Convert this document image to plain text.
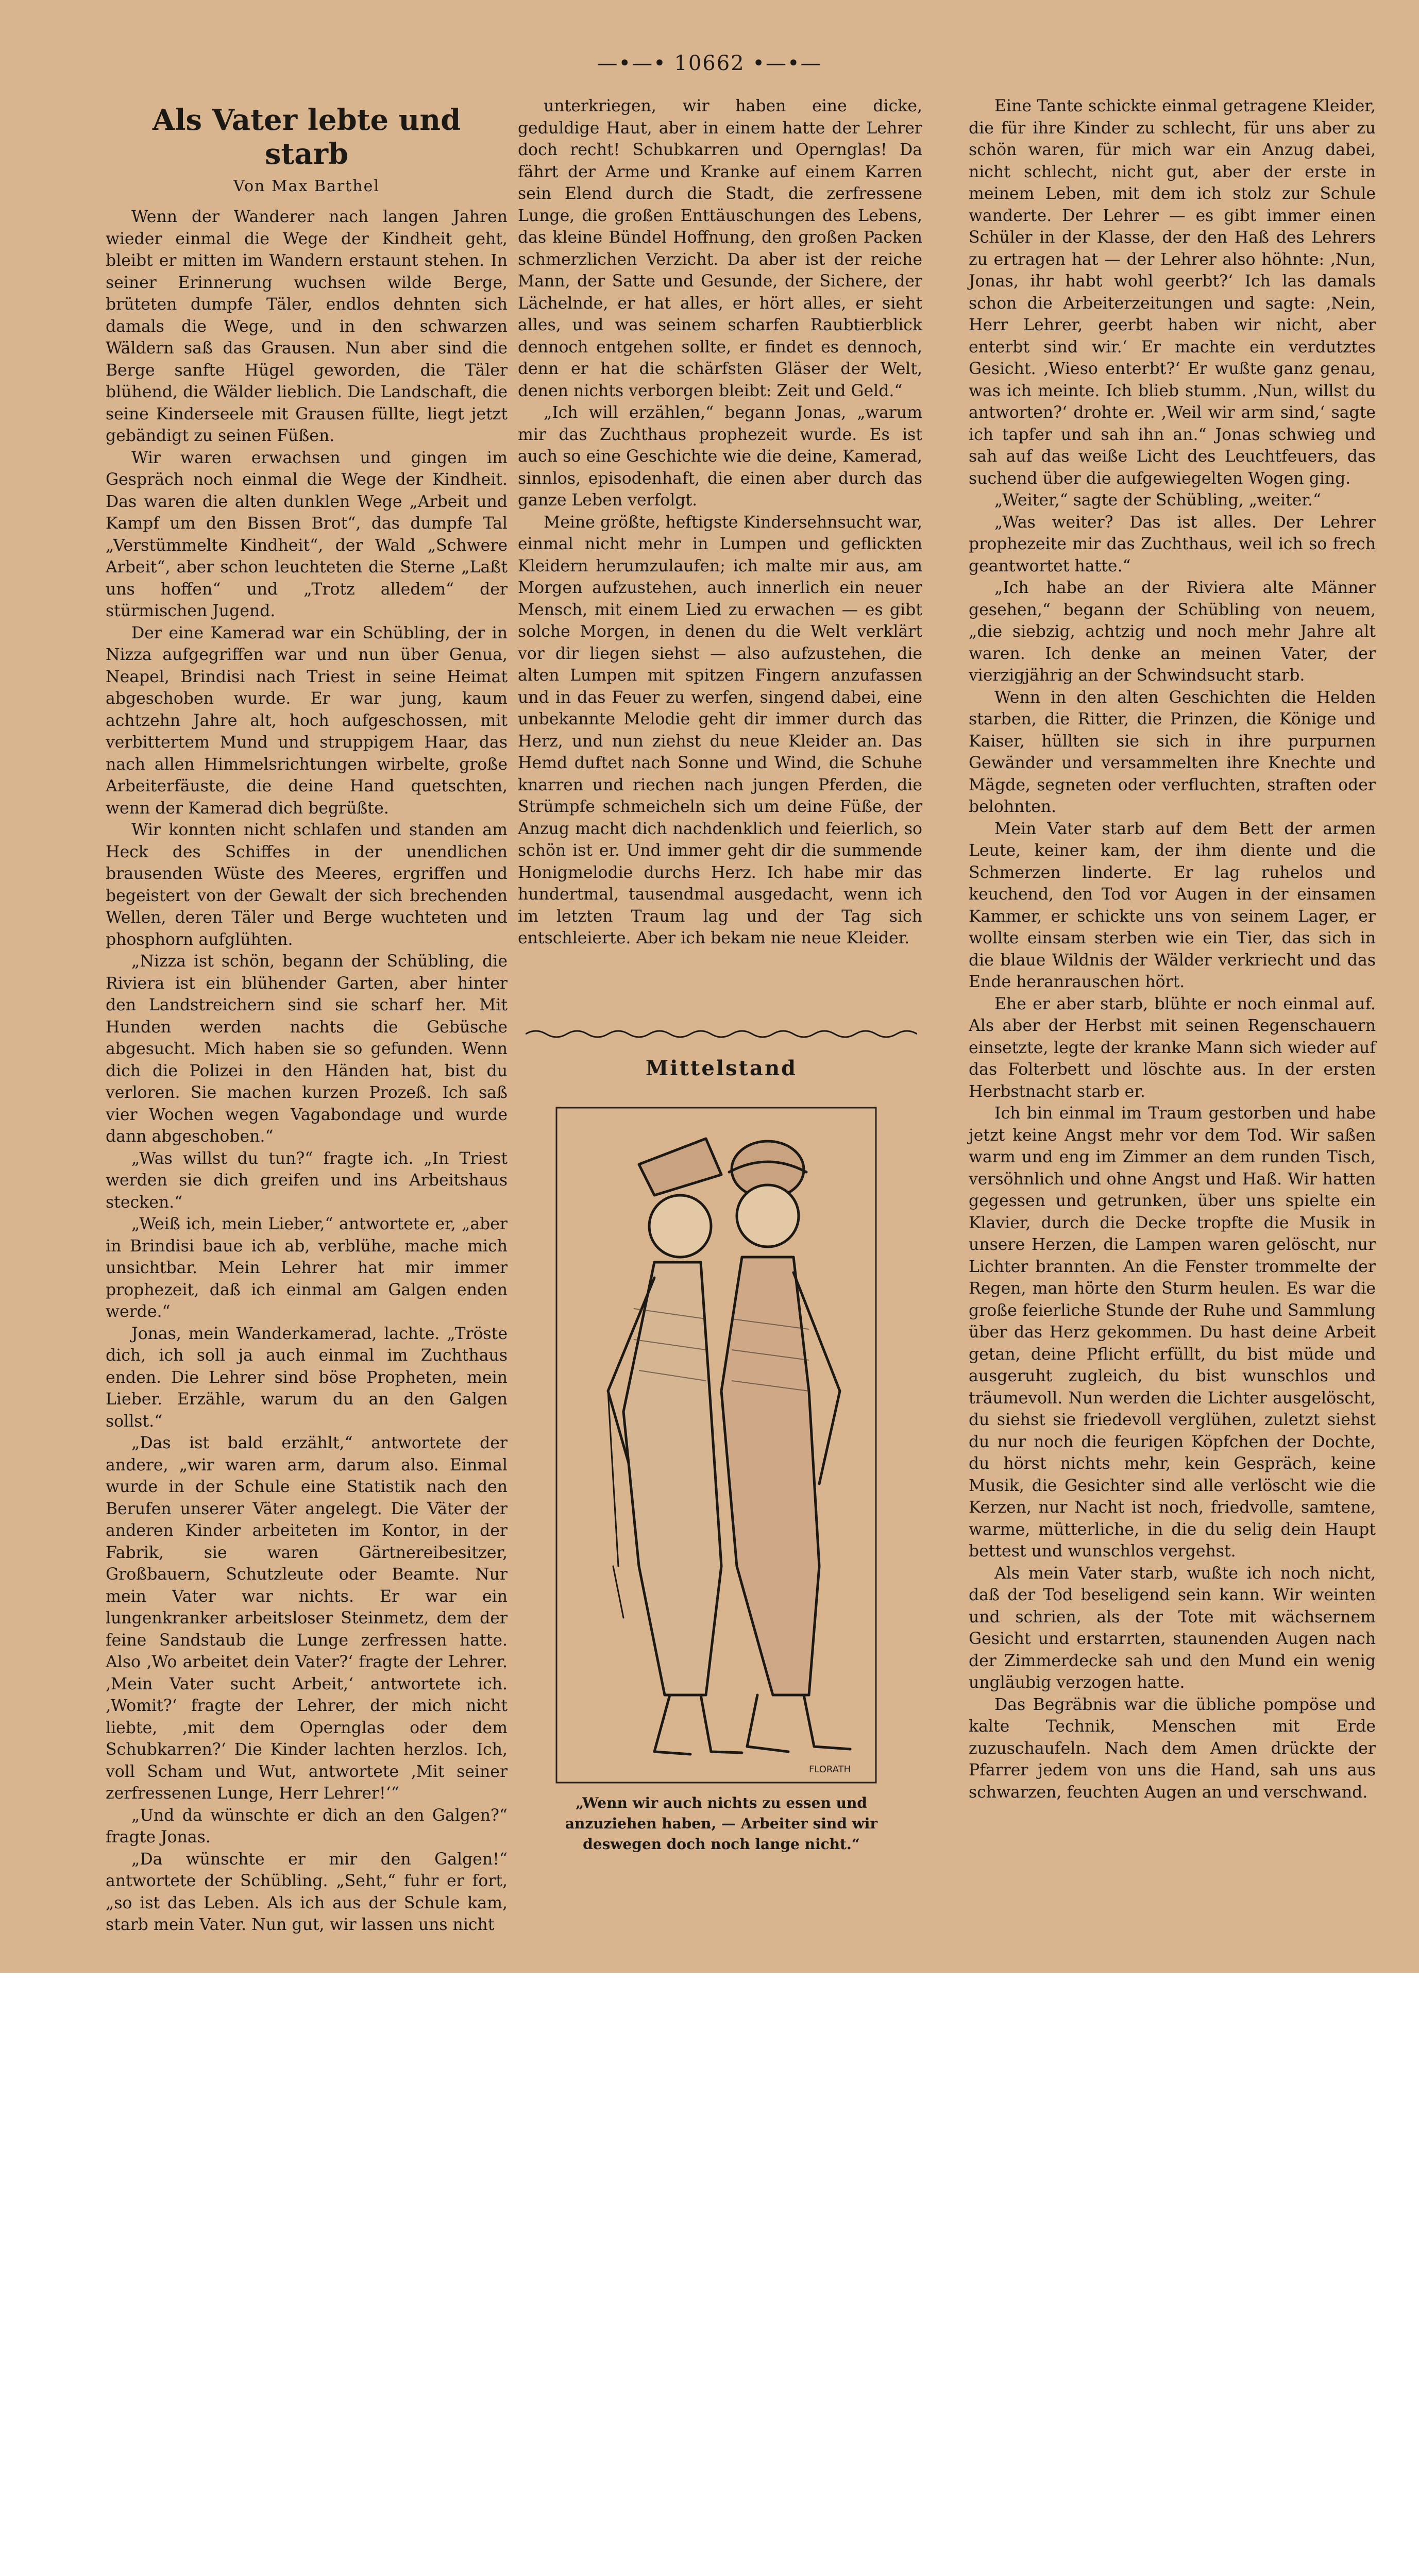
—•—• 10662 •—•—
Als Vater lebte und starb
Von Max Barthel

Wenn der Wanderer nach langen Jahren wieder einmal die Wege der Kindheit geht, bleibt er mitten im Wandern erstaunt stehen. In seiner Erinnerung wuchsen wilde Berge, brüteten dumpfe Täler, endlos dehnten sich damals die Wege, und in den schwarzen Wäldern saß das Grausen. Nun aber sind die Berge sanfte Hügel geworden, die Täler blühend, die Wälder lieblich. Die Landschaft, die seine Kinderseele mit Grausen füllte, liegt jetzt gebändigt zu seinen Füßen.

Wir waren erwachsen und gingen im Gespräch noch einmal die Wege der Kindheit. Das waren die alten dunklen Wege „Arbeit und Kampf um den Bissen Brot“, das dumpfe Tal „Verstümmelte Kindheit“, der Wald „Schwere Arbeit“, aber schon leuchteten die Sterne „Laßt uns hoffen“ und „Trotz alledem“ der stürmischen Jugend.

Der eine Kamerad war ein Schübling, der in Nizza aufgegriffen war und nun über Genua, Neapel, Brindisi nach Triest in seine Heimat abgeschoben wurde. Er war jung, kaum achtzehn Jahre alt, hoch aufgeschossen, mit verbittertem Mund und struppigem Haar, das nach allen Himmelsrichtungen wirbelte, große Arbeiterfäuste, die deine Hand quetschten, wenn der Kamerad dich begrüßte.

Wir konnten nicht schlafen und standen am Heck des Schiffes in der unendlichen brausenden Wüste des Meeres, ergriffen und begeistert von der Gewalt der sich brechenden Wellen, deren Täler und Berge wuchteten und phosphorn aufglühten.

„Nizza ist schön, begann der Schübling, die Riviera ist ein blühender Garten, aber hinter den Landstreichern sind sie scharf her. Mit Hunden werden nachts die Gebüsche abgesucht. Mich haben sie so gefunden. Wenn dich die Polizei in den Händen hat, bist du verloren. Sie machen kurzen Prozeß. Ich saß vier Wochen wegen Vagabondage und wurde dann abgeschoben.“

„Was willst du tun?“ fragte ich. „In Triest werden sie dich greifen und ins Arbeitshaus stecken.“

„Weiß ich, mein Lieber,“ antwortete er, „aber in Brindisi baue ich ab, verblühe, mache mich unsichtbar. Mein Lehrer hat mir immer prophezeit, daß ich einmal am Galgen enden werde.“

Jonas, mein Wanderkamerad, lachte. „Tröste dich, ich soll ja auch einmal im Zuchthaus enden. Die Lehrer sind böse Propheten, mein Lieber. Erzähle, warum du an den Galgen sollst.“

„Das ist bald erzählt,“ antwortete der andere, „wir waren arm, darum also. Einmal wurde in der Schule eine Statistik nach den Berufen unserer Väter angelegt. Die Väter der anderen Kinder arbeiteten im Kontor, in der Fabrik, sie waren Gärtnereibesitzer, Großbauern, Schutzleute oder Beamte. Nur mein Vater war nichts. Er war ein lungenkranker arbeitsloser Steinmetz, dem der feine Sandstaub die Lunge zerfressen hatte. Also ‚Wo arbeitet dein Vater?‘ fragte der Lehrer. ‚Mein Vater sucht Arbeit,‘ antwortete ich. ‚Womit?‘ fragte der Lehrer, der mich nicht liebte, ‚mit dem Opernglas oder dem Schubkarren?‘ Die Kinder lachten herzlos. Ich, voll Scham und Wut, antwortete ‚Mit seiner zerfressenen Lunge, Herr Lehrer!‘“

„Und da wünschte er dich an den Galgen?“ fragte Jonas.

„Da wünschte er mir den Galgen!“ antwortete der Schübling. „Seht,“ fuhr er fort, „so ist das Leben. Als ich aus der Schule kam, starb mein Vater. Nun gut, wir lassen uns nicht

unterkriegen, wir haben eine dicke, geduldige Haut, aber in einem hatte der Lehrer doch recht! Schubkarren und Opernglas! Da fährt der Arme und Kranke auf einem Karren sein Elend durch die Stadt, die zerfressene Lunge, die großen Enttäuschungen des Lebens, das kleine Bündel Hoffnung, den großen Packen schmerzlichen Verzicht. Da aber ist der reiche Mann, der Satte und Gesunde, der Sichere, der Lächelnde, er hat alles, er hört alles, er sieht alles, und was seinem scharfen Raubtierblick dennoch entgehen sollte, er findet es dennoch, denn er hat die schärfsten Gläser der Welt, denen nichts verborgen bleibt: Zeit und Geld.“

„Ich will erzählen,“ begann Jonas, „warum mir das Zuchthaus prophezeit wurde. Es ist auch so eine Geschichte wie die deine, Kamerad, sinnlos, episodenhaft, die einen aber durch das ganze Leben verfolgt.

Meine größte, heftigste Kindersehnsucht war, einmal nicht mehr in Lumpen und geflickten Kleidern herumzulaufen; ich malte mir aus, am Morgen aufzustehen, auch innerlich ein neuer Mensch, mit einem Lied zu erwachen — es gibt solche Morgen, in denen du die Welt verklärt vor dir liegen siehst — also aufzustehen, die alten Lumpen mit spitzen Fingern anzufassen und in das Feuer zu werfen, singend dabei, eine unbekannte Melodie geht dir immer durch das Herz, und nun ziehst du neue Kleider an. Das Hemd duftet nach Sonne und Wind, die Schuhe knarren und riechen nach jungen Pferden, die Strümpfe schmeicheln sich um deine Füße, der Anzug macht dich nachdenklich und feierlich, so schön ist er. Und immer geht dir die summende Honigmelodie durchs Herz. Ich habe mir das hundertmal, tausendmal ausgedacht, wenn ich im letzten Traum lag und der Tag sich entschleierte. Aber ich bekam nie neue Kleider.

Mittelstand
FLORATH
„Wenn wir auch nichts zu essen und anzuziehen haben, — Arbeiter sind wir deswegen doch noch lange nicht.“

Eine Tante schickte einmal getragene Kleider, die für ihre Kinder zu schlecht, für uns aber zu schön waren, für mich war ein Anzug dabei, nicht schlecht, nicht gut, aber der erste in meinem Leben, mit dem ich stolz zur Schule wanderte. Der Lehrer — es gibt immer einen Schüler in der Klasse, der den Haß des Lehrers zu ertragen hat — der Lehrer also höhnte: ‚Nun, Jonas, ihr habt wohl geerbt?‘ Ich las damals schon die Arbeiterzeitungen und sagte: ‚Nein, Herr Lehrer, geerbt haben wir nicht, aber enterbt sind wir.‘ Er machte ein verdutztes Gesicht. ‚Wieso enterbt?‘ Er wußte ganz genau, was ich meinte. Ich blieb stumm. ‚Nun, willst du antworten?‘ drohte er. ‚Weil wir arm sind,‘ sagte ich tapfer und sah ihn an.“ Jonas schwieg und sah auf das weiße Licht des Leuchtfeuers, das suchend über die aufgewiegelten Wogen ging.

„Weiter,“ sagte der Schübling, „weiter.“

„Was weiter? Das ist alles. Der Lehrer prophezeite mir das Zuchthaus, weil ich so frech geantwortet hatte.“

„Ich habe an der Riviera alte Männer gesehen,“ begann der Schübling von neuem, „die siebzig, achtzig und noch mehr Jahre alt waren. Ich denke an meinen Vater, der vierzigjährig an der Schwindsucht starb.

Wenn in den alten Geschichten die Helden starben, die Ritter, die Prinzen, die Könige und Kaiser, hüllten sie sich in ihre purpurnen Gewänder und versammelten ihre Knechte und Mägde, segneten oder verfluchten, straften oder belohnten.

Mein Vater starb auf dem Bett der armen Leute, keiner kam, der ihm diente und die Schmerzen linderte. Er lag ruhelos und keuchend, den Tod vor Augen in der einsamen Kammer, er schickte uns von seinem Lager, er wollte einsam sterben wie ein Tier, das sich in die blaue Wildnis der Wälder verkriecht und das Ende heranrauschen hört.

Ehe er aber starb, blühte er noch einmal auf. Als aber der Herbst mit seinen Regenschauern einsetzte, legte der kranke Mann sich wieder auf das Folterbett und löschte aus. In der ersten Herbstnacht starb er.

Ich bin einmal im Traum gestorben und habe jetzt keine Angst mehr vor dem Tod. Wir saßen warm und eng im Zimmer an dem runden Tisch, versöhnlich und ohne Angst und Haß. Wir hatten gegessen und getrunken, über uns spielte ein Klavier, durch die Decke tropfte die Musik in unsere Herzen, die Lampen waren gelöscht, nur Lichter brannten. An die Fenster trommelte der Regen, man hörte den Sturm heulen. Es war die große feierliche Stunde der Ruhe und Sammlung über das Herz gekommen. Du hast deine Arbeit getan, deine Pflicht erfüllt, du bist müde und ausgeruht zugleich, du bist wunschlos und träumevoll. Nun werden die Lichter ausgelöscht, du siehst sie friedevoll verglühen, zuletzt siehst du nur noch die feurigen Köpfchen der Dochte, du hörst nichts mehr, kein Gespräch, keine Musik, die Gesichter sind alle verlöscht wie die Kerzen, nur Nacht ist noch, friedvolle, samtene, warme, mütterliche, in die du selig dein Haupt bettest und wunschlos vergehst.

Als mein Vater starb, wußte ich noch nicht, daß der Tod beseligend sein kann. Wir weinten und schrien, als der Tote mit wächsernem Gesicht und erstarrten, staunenden Augen nach der Zimmerdecke sah und den Mund ein wenig ungläubig verzogen hatte.

Das Begräbnis war die übliche pompöse und kalte Technik, Menschen mit Erde zuzuschaufeln. Nach dem Amen drückte der Pfarrer jedem von uns die Hand, sah uns aus schwarzen, feuchten Augen an und verschwand.
